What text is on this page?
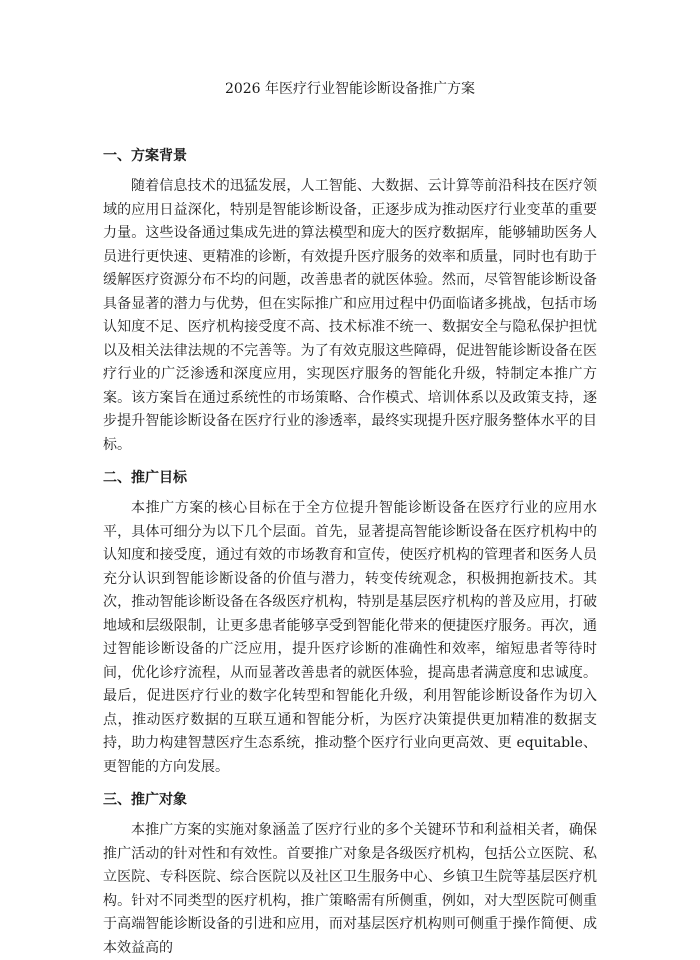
2026 年医疗行业智能诊断设备推广方案
一、方案背景

随着信息技术的迅猛发展，人工智能、大数据、云计算等前沿科技在医疗领域的应用日益深化，特别是智能诊断设备，正逐步成为推动医疗行业变革的重要力量。这些设备通过集成先进的算法模型和庞大的医疗数据库，能够辅助医务人员进行更快速、更精准的诊断，有效提升医疗服务的效率和质量，同时也有助于缓解医疗资源分布不均的问题，改善患者的就医体验。然而，尽管智能诊断设备具备显著的潜力与优势，但在实际推广和应用过程中仍面临诸多挑战，包括市场认知度不足、医疗机构接受度不高、技术标准不统一、数据安全与隐私保护担忧以及相关法律法规的不完善等。为了有效克服这些障碍，促进智能诊断设备在医疗行业的广泛渗透和深度应用，实现医疗服务的智能化升级，特制定本推广方案。该方案旨在通过系统性的市场策略、合作模式、培训体系以及政策支持，逐步提升智能诊断设备在医疗行业的渗透率，最终实现提升医疗服务整体水平的目标。

二、推广目标

本推广方案的核心目标在于全方位提升智能诊断设备在医疗行业的应用水平，具体可细分为以下几个层面。首先，显著提高智能诊断设备在医疗机构中的认知度和接受度，通过有效的市场教育和宣传，使医疗机构的管理者和医务人员充分认识到智能诊断设备的价值与潜力，转变传统观念，积极拥抱新技术。其次，推动智能诊断设备在各级医疗机构，特别是基层医疗机构的普及应用，打破地域和层级限制，让更多患者能够享受到智能化带来的便捷医疗服务。再次，通过智能诊断设备的广泛应用，提升医疗诊断的准确性和效率，缩短患者等待时间，优化诊疗流程，从而显著改善患者的就医体验，提高患者满意度和忠诚度。最后，促进医疗行业的数字化转型和智能化升级，利用智能诊断设备作为切入点，推动医疗数据的互联互通和智能分析，为医疗决策提供更加精准的数据支持，助力构建智慧医疗生态系统，推动整个医疗行业向更高效、更 equitable、更智能的方向发展。

三、推广对象

本推广方案的实施对象涵盖了医疗行业的多个关键环节和利益相关者，确保推广活动的针对性和有效性。首要推广对象是各级医疗机构，包括公立医院、私立医院、专科医院、综合医院以及社区卫生服务中心、乡镇卫生院等基层医疗机构。针对不同类型的医疗机构，推广策略需有所侧重，例如，对大型医院可侧重于高端智能诊断设备的引进和应用，而对基层医疗机构则可侧重于操作简便、成本效益高的
